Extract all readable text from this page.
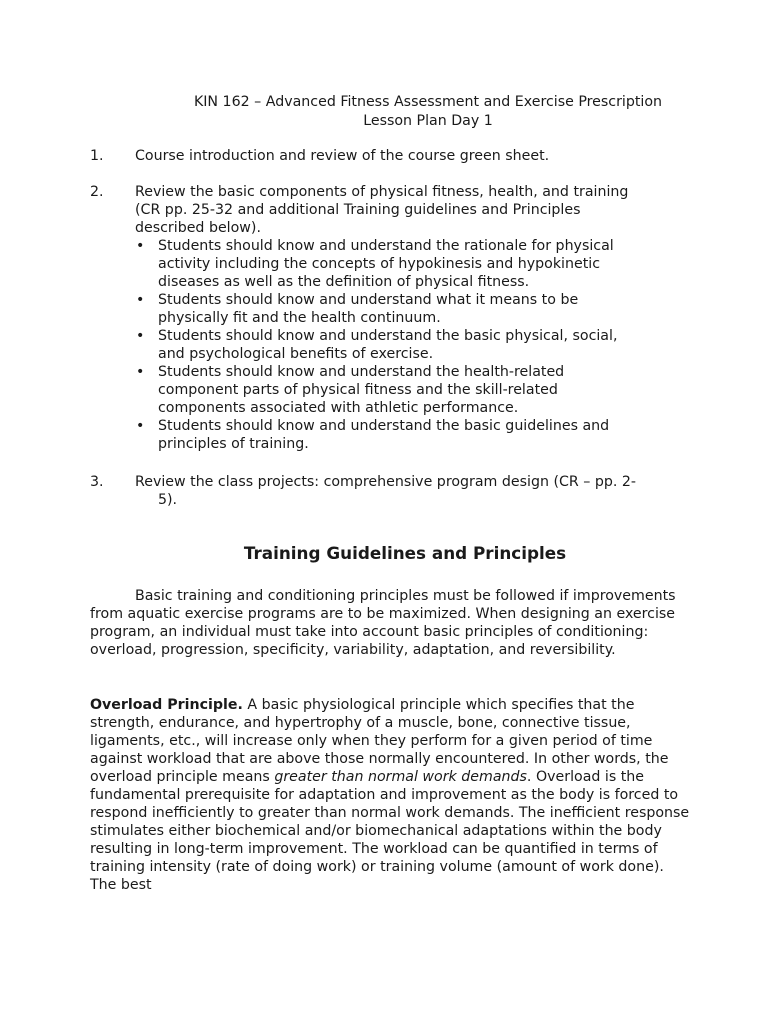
KIN 162 – Advanced Fitness Assessment and Exercise Prescription
Lesson Plan Day 1
1. Course introduction and review of the course green sheet.
2. Review the basic components of physical fitness, health, and training (CR pp. 25-32 and additional Training guidelines and Principles described below).
• Students should know and understand the rationale for physical activity including the concepts of hypokinesis and hypokinetic diseases as well as the definition of physical fitness.
• Students should know and understand what it means to be physically fit and the health continuum.
• Students should know and understand the basic physical, social, and psychological benefits of exercise.
• Students should know and understand the health-related component parts of physical fitness and the skill-related components associated with athletic performance.
• Students should know and understand the basic guidelines and principles of training.
3. Review the class projects: comprehensive program design (CR – pp. 2-
5).
Training Guidelines and Principles
Basic training and conditioning principles must be followed if improvements from aquatic exercise programs are to be maximized. When designing an exercise program, an individual must take into account basic principles of conditioning: overload, progression, specificity, variability, adaptation, and reversibility.
Overload Principle. A basic physiological principle which specifies that the strength, endurance, and hypertrophy of a muscle, bone, connective tissue, ligaments, etc., will increase only when they perform for a given period of time against workload that are above those normally encountered. In other words, the overload principle means greater than normal work demands. Overload is the fundamental prerequisite for adaptation and improvement as the body is forced to respond inefficiently to greater than normal work demands. The inefficient response stimulates either biochemical and/or biomechanical adaptations within the body resulting in long-term improvement. The workload can be quantified in terms of training intensity (rate of doing work) or training volume (amount of work done). The best
